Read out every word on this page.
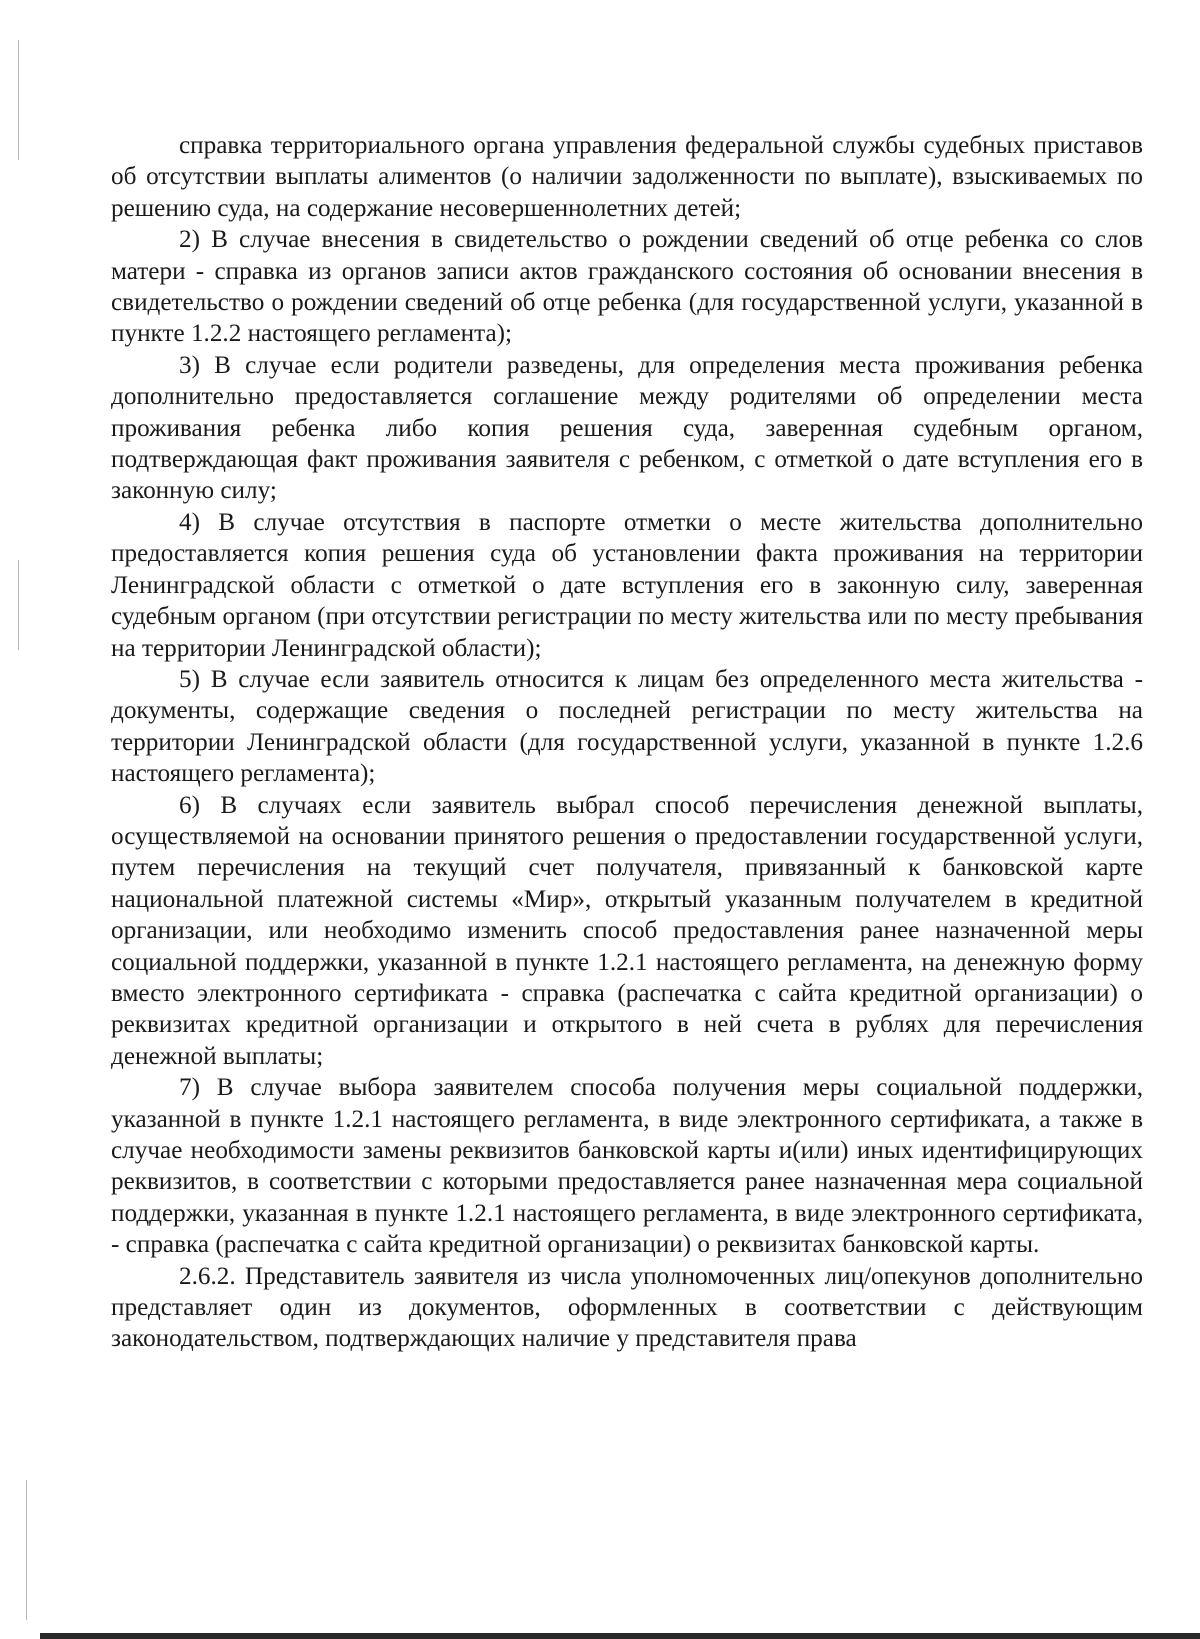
справка территориального органа управления федеральной службы судебных приставов об отсутствии выплаты алиментов (о наличии задолженности по выплате), взыскиваемых по решению суда, на содержание несовершеннолетних детей;

2) В случае внесения в свидетельство о рождении сведений об отце ребенка со слов матери - справка из органов записи актов гражданского состояния об основании внесения в свидетельство о рождении сведений об отце ребенка (для государственной услуги, указанной в пункте 1.2.2 настоящего регламента);

3) В случае если родители разведены, для определения места проживания ребенка дополнительно предоставляется соглашение между родителями об определении места проживания ребенка либо копия решения суда, заверенная судебным органом, подтверждающая факт проживания заявителя с ребенком, с отметкой о дате вступления его в законную силу;

4) В случае отсутствия в паспорте отметки о месте жительства дополнительно предоставляется копия решения суда об установлении факта проживания на территории Ленинградской области с отметкой о дате вступления его в законную силу, заверенная судебным органом (при отсутствии регистрации по месту жительства или по месту пребывания на территории Ленинградской области);

5) В случае если заявитель относится к лицам без определенного места жительства - документы, содержащие сведения о последней регистрации по месту жительства на территории Ленинградской области (для государственной услуги, указанной в пункте 1.2.6 настоящего регламента);

6) В случаях если заявитель выбрал способ перечисления денежной выплаты, осуществляемой на основании принятого решения о предоставлении государственной услуги, путем перечисления на текущий счет получателя, привязанный к банковской карте национальной платежной системы «Мир», открытый указанным получателем в кредитной организации, или необходимо изменить способ предоставления ранее назначенной меры социальной поддержки, указанной в пункте 1.2.1 настоящего регламента, на денежную форму вместо электронного сертификата - справка (распечатка с сайта кредитной организации) о реквизитах кредитной организации и открытого в ней счета в рублях для перечисления денежной выплаты;

7) В случае выбора заявителем способа получения меры социальной поддержки, указанной в пункте 1.2.1 настоящего регламента, в виде электронного сертификата, а также в случае необходимости замены реквизитов банковской карты и(или) иных идентифицирующих реквизитов, в соответствии с которыми предоставляется ранее назначенная мера социальной поддержки, указанная в пункте 1.2.1 настоящего регламента, в виде электронного сертификата, - справка (распечатка с сайта кредитной организации) о реквизитах банковской карты.

2.6.2. Представитель заявителя из числа уполномоченных лиц/опекунов дополнительно представляет один из документов, оформленных в соответствии с действующим законодательством, подтверждающих наличие у представителя права
